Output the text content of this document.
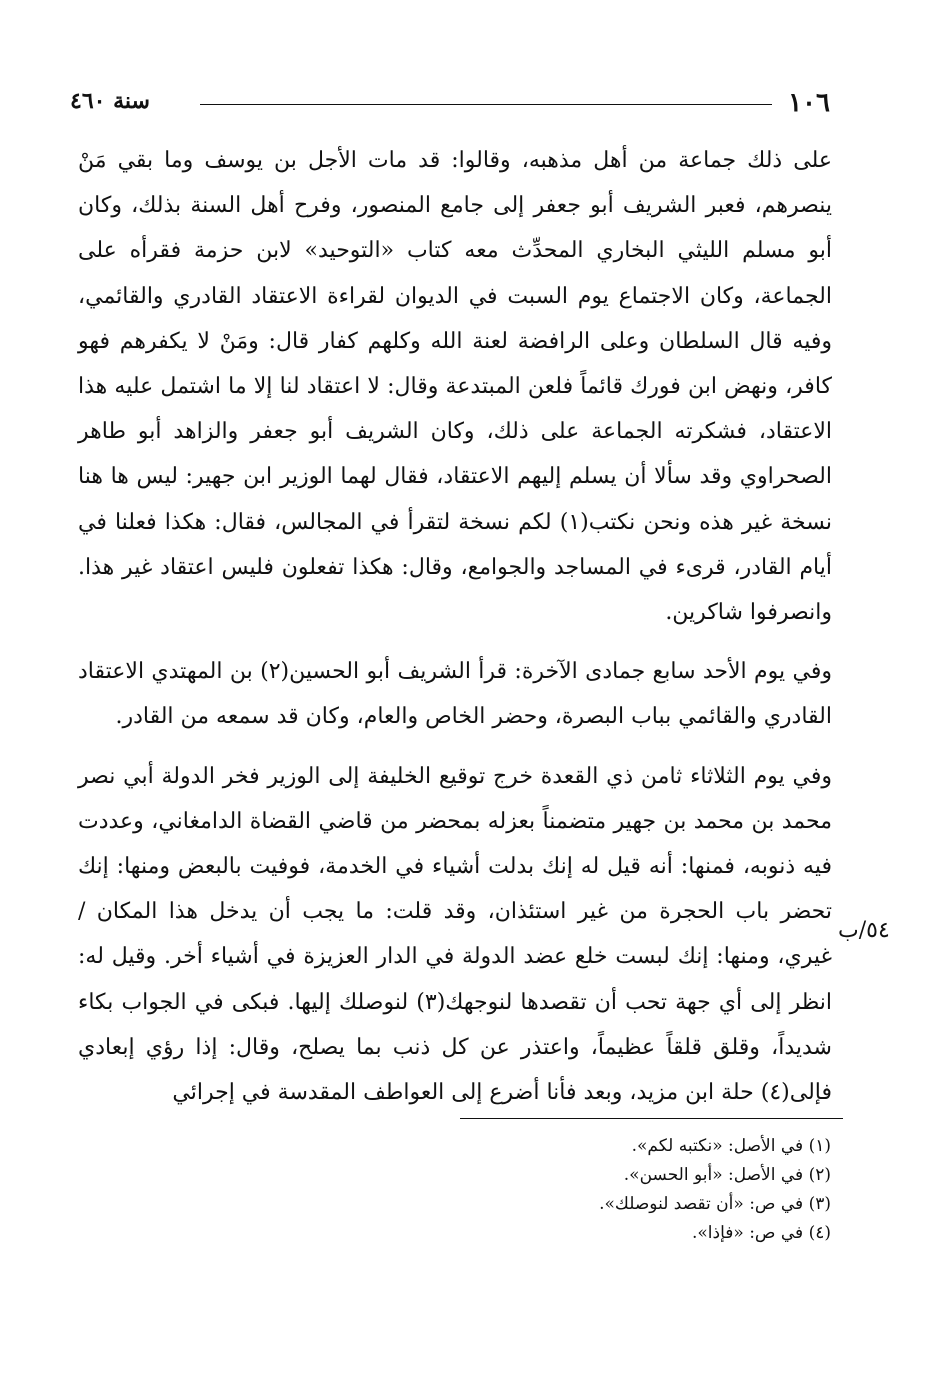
١٠٦
سنة ٤٦٠

على ذلك جماعة من أهل مذهبه، وقالوا: قد مات الأجل بن يوسف وما بقي مَنْ ينصرهم، فعبر الشريف أبو جعفر إلى جامع المنصور، وفرح أهل السنة بذلك، وكان أبو مسلم الليثي البخاري المحدِّث معه كتاب «التوحيد» لابن حزمة فقرأه على الجماعة، وكان الاجتماع يوم السبت في الديوان لقراءة الاعتقاد القادري والقائمي، وفيه قال السلطان وعلى الرافضة لعنة الله وكلهم كفار قال: ومَنْ لا يكفرهم فهو كافر، ونهض ابن فورك قائماً فلعن المبتدعة وقال: لا اعتقاد لنا إلا ما اشتمل عليه هذا الاعتقاد، فشكرته الجماعة على ذلك، وكان الشريف أبو جعفر والزاهد أبو طاهر الصحراوي وقد سألا أن يسلم إليهم الاعتقاد، فقال لهما الوزير ابن جهير: ليس ها هنا نسخة غير هذه ونحن نكتب(١) لكم نسخة لتقرأ في المجالس، فقال: هكذا فعلنا في أيام القادر، قرىء في المساجد والجوامع، وقال: هكذا تفعلون فليس اعتقاد غير هذا. وانصرفوا شاكرين.

وفي يوم الأحد سابع جمادى الآخرة: قرأ الشريف أبو الحسين(٢) بن المهتدي الاعتقاد القادري والقائمي بباب البصرة، وحضر الخاص والعام، وكان قد سمعه من القادر.

وفي يوم الثلاثاء ثامن ذي القعدة خرج توقيع الخليفة إلى الوزير فخر الدولة أبي نصر محمد بن محمد بن جهير متضمناً بعزله بمحضر من قاضي القضاة الدامغاني، وعددت فيه ذنوبه، فمنها: أنه قيل له إنك بدلت أشياء في الخدمة، فوفيت بالبعض ومنها: إنك تحضر باب الحجرة من غير استئذان، وقد قلت: ما يجب أن يدخل هذا المكان / غيري، ومنها: إنك لبست خلع عضد الدولة في الدار العزيزة في أشياء أخر. وقيل له: انظر إلى أي جهة تحب أن تقصدها لنوجهك(٣) لنوصلك إليها. فبكى في الجواب بكاء شديداً، وقلق قلقاً عظيماً، واعتذر عن كل ذنب بما يصلح، وقال: إذا رؤي إبعادي فإلى(٤) حلة ابن مزيد، وبعد فأنا أضرع إلى العواطف المقدسة في إجرائي

٥٤/ب

(١) في الأصل: «نكتبه لكم».

(٢) في الأصل: «أبو الحسن».

(٣) في ص: «أن تقصد لنوصلك».

(٤) في ص: «فإذا».
